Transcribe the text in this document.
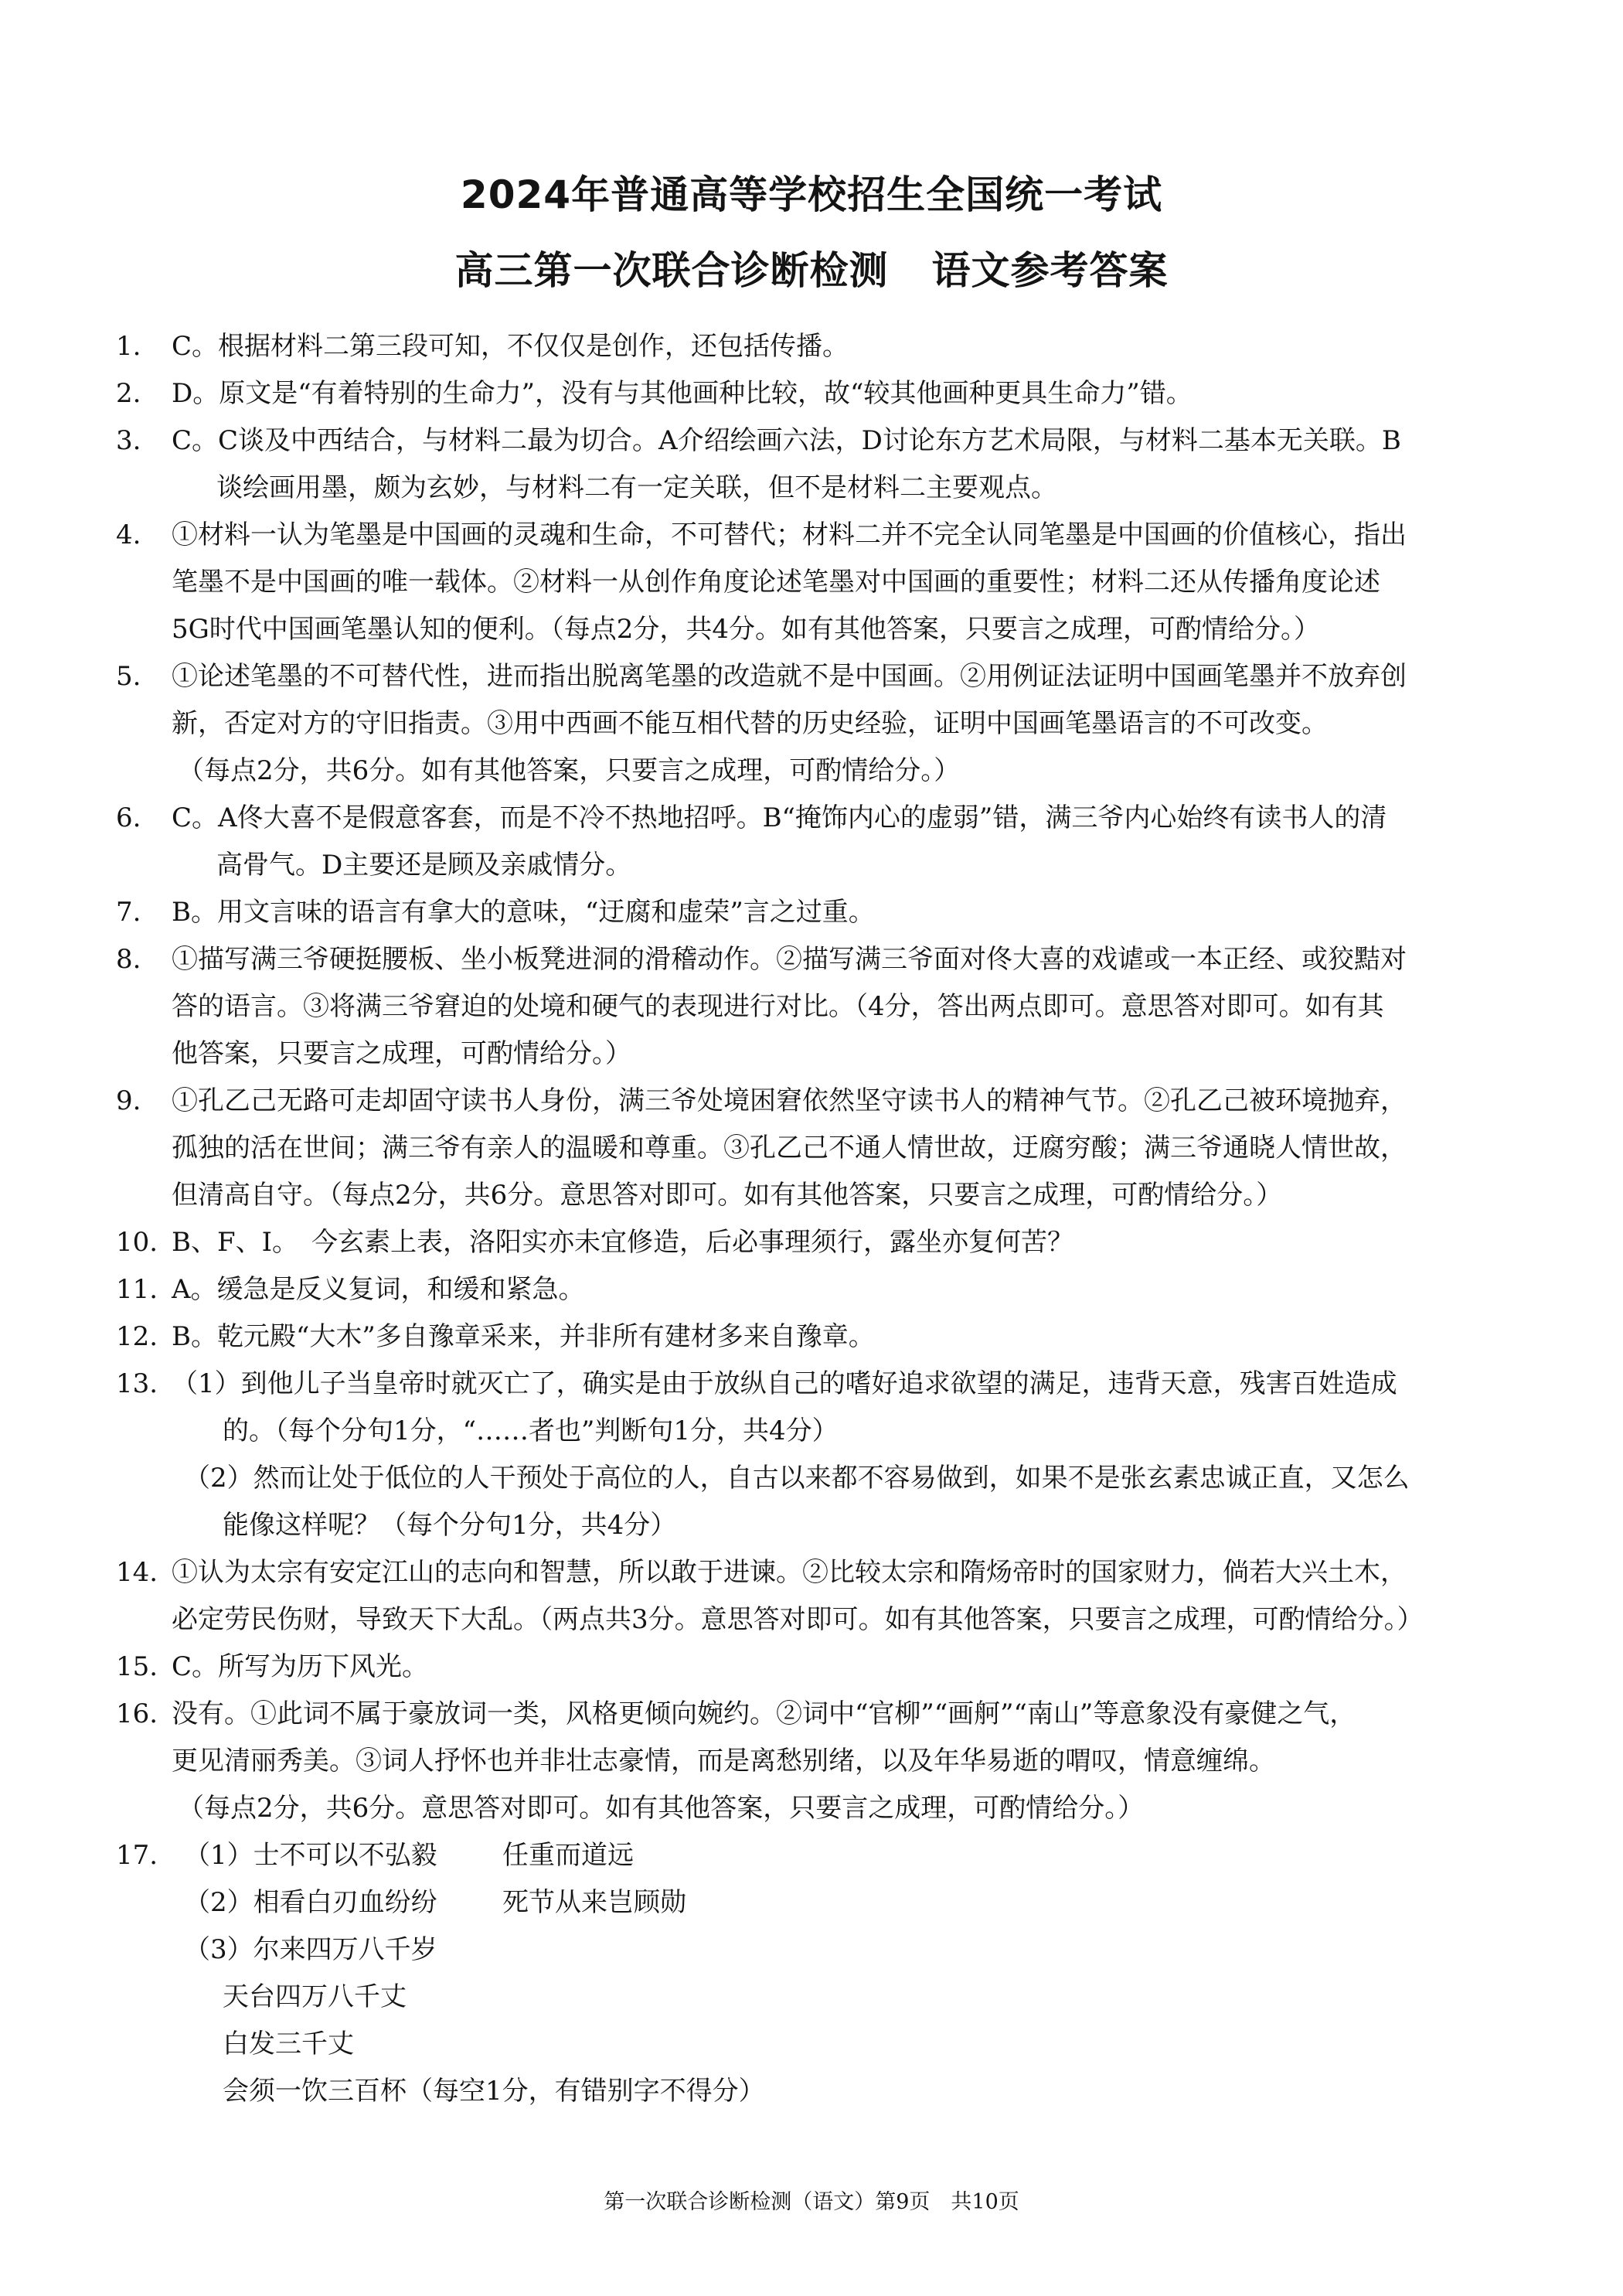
2024年普通高等学校招生全国统一考试
高三第一次联合诊断检测 语文参考答案
1. C。根据材料二第三段可知，不仅仅是创作，还包括传播。
2. D。原文是“有着特别的生命力”，没有与其他画种比较，故“较其他画种更具生命力”错。
3. C。C谈及中西结合，与材料二最为切合。A介绍绘画六法，D讨论东方艺术局限，与材料二基本无关联。B
谈绘画用墨，颇为玄妙，与材料二有一定关联，但不是材料二主要观点。
4. ①材料一认为笔墨是中国画的灵魂和生命，不可替代；材料二并不完全认同笔墨是中国画的价值核心，指出
笔墨不是中国画的唯一载体。②材料一从创作角度论述笔墨对中国画的重要性；材料二还从传播角度论述
5G时代中国画笔墨认知的便利。（每点2分，共4分。如有其他答案，只要言之成理，可酌情给分。）
5. ①论述笔墨的不可替代性，进而指出脱离笔墨的改造就不是中国画。②用例证法证明中国画笔墨并不放弃创
新，否定对方的守旧指责。③用中西画不能互相代替的历史经验，证明中国画笔墨语言的不可改变。
（每点2分，共6分。如有其他答案，只要言之成理，可酌情给分。）
6. C。A佟大喜不是假意客套，而是不冷不热地招呼。B“掩饰内心的虚弱”错，满三爷内心始终有读书人的清
高骨气。D主要还是顾及亲戚情分。
7. B。用文言味的语言有拿大的意味，“迂腐和虚荣”言之过重。
8. ①描写满三爷硬挺腰板、坐小板凳进洞的滑稽动作。②描写满三爷面对佟大喜的戏谑或一本正经、或狡黠对
答的语言。③将满三爷窘迫的处境和硬气的表现进行对比。（4分，答出两点即可。意思答对即可。如有其
他答案，只要言之成理，可酌情给分。）
9. ①孔乙己无路可走却固守读书人身份，满三爷处境困窘依然坚守读书人的精神气节。②孔乙己被环境抛弃，
孤独的活在世间；满三爷有亲人的温暖和尊重。③孔乙己不通人情世故，迂腐穷酸；满三爷通晓人情世故，
但清高自守。（每点2分，共6分。意思答对即可。如有其他答案，只要言之成理，可酌情给分。）
10. B、F、I。　今玄素上表，洛阳实亦未宜修造，后必事理须行，露坐亦复何苦？
11. A。缓急是反义复词，和缓和紧急。
12. B。乾元殿“大木”多自豫章采来，并非所有建材多来自豫章。
13. （1）到他儿子当皇帝时就灭亡了，确实是由于放纵自己的嗜好追求欲望的满足，违背天意，残害百姓造成
的。（每个分句1分，“……者也”判断句1分，共4分）
（2）然而让处于低位的人干预处于高位的人，自古以来都不容易做到，如果不是张玄素忠诚正直，又怎么
能像这样呢？（每个分句1分，共4分）
14. ①认为太宗有安定江山的志向和智慧，所以敢于进谏。②比较太宗和隋炀帝时的国家财力，倘若大兴土木，
必定劳民伤财，导致天下大乱。（两点共3分。意思答对即可。如有其他答案，只要言之成理，可酌情给分。）
15. C。所写为历下风光。
16. 没有。①此词不属于豪放词一类，风格更倾向婉约。②词中“官柳”“画舸”“南山”等意象没有豪健之气，
更见清丽秀美。③词人抒怀也并非壮志豪情，而是离愁别绪，以及年华易逝的喟叹，情意缠绵。
（每点2分，共6分。意思答对即可。如有其他答案，只要言之成理，可酌情给分。）
17. （1）士不可以不弘毅 任重而道远
（2）相看白刃血纷纷 死节从来岂顾勋
（3）尔来四万八千岁
天台四万八千丈
白发三千丈
会须一饮三百杯（每空1分，有错别字不得分）
第一次联合诊断检测（语文）第9页　共10页
